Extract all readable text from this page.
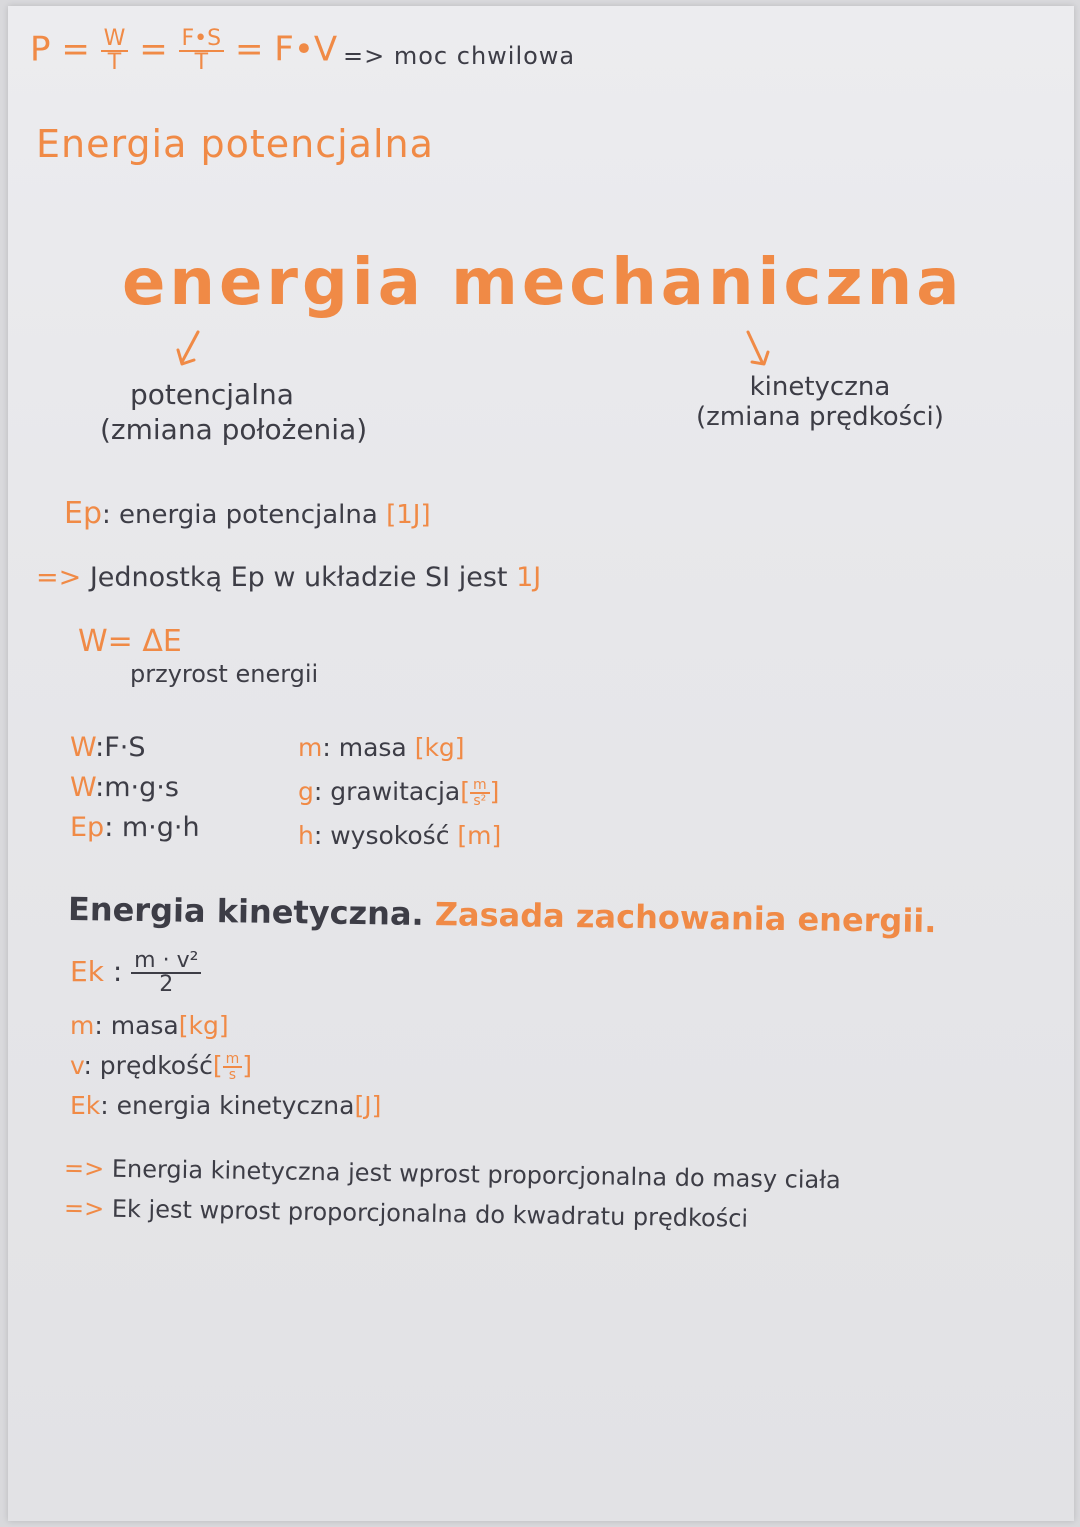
$P = \frac{W}{T} = \frac{F•S}{T}$ = F•V => moc chwilowa
Energia potencjalna
energia mechaniczna
potencjalna
(zmiana położenia)
kinetyczna
(zmiana prędkości)
Ep: energia potencjalna [1J]
=> Jednostką Ep w układzie SI jest 1J
W= ΔE
przyrost energii
W:F·S
W:m·g·s
Ep: m·g·h
m: masa [kg]
g: grawitacja[ $\frac{m}{\text{s²}}$ ]
h: wysokość [m]
Energia kinetyczna. Zasada zachowania energii.
Ek : $\frac{\text{m · v²}}{2}$
m: masa[kg]
v: prędkość[ $\frac{m}{s}$ ]
Ek: energia kinetyczna[J]
=> Energia kinetyczna jest wprost proporcjonalna do masy ciała
=> Ek jest wprost proporcjonalna do kwadratu prędkości
